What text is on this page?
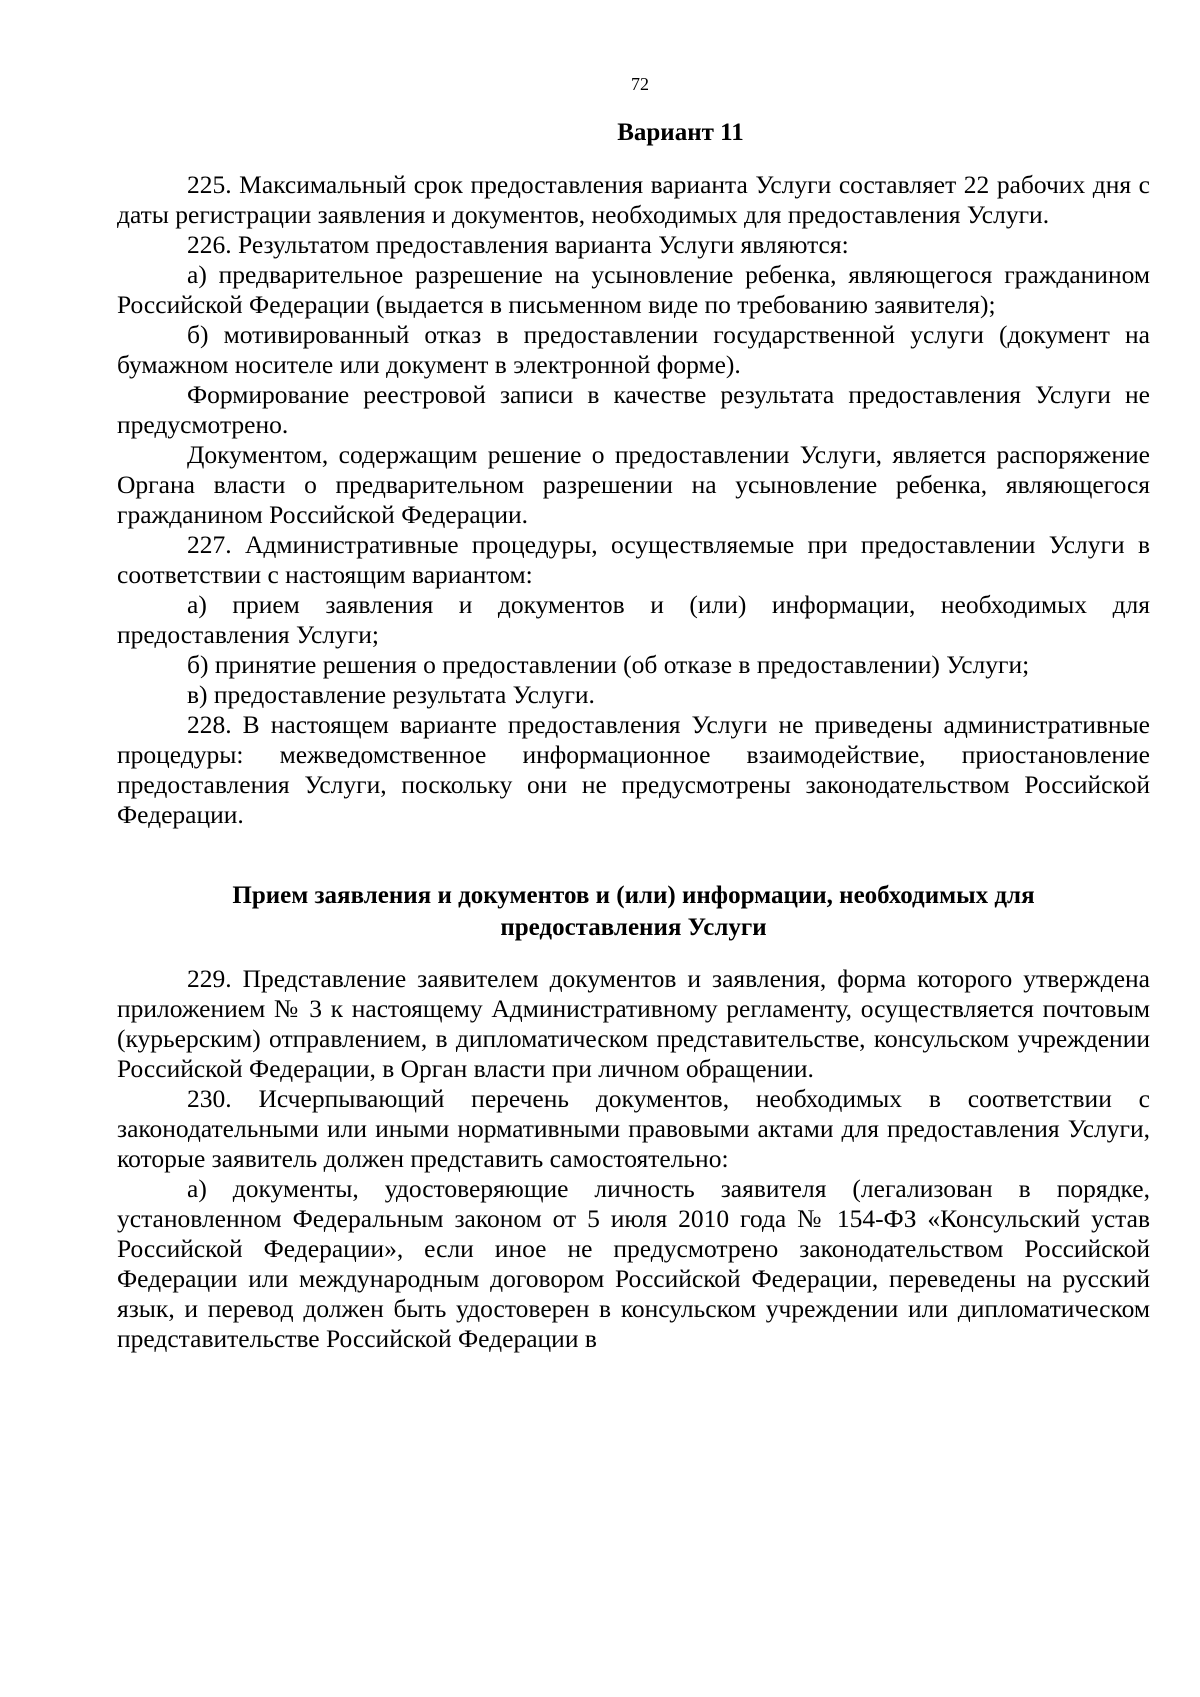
72
Вариант 11

225. Максимальный срок предоставления варианта Услуги составляет 22 рабочих дня с даты регистрации заявления и документов, необходимых для предоставления Услуги.

226. Результатом предоставления варианта Услуги являются:

а) предварительное разрешение на усыновление ребенка, являющегося гражданином Российской Федерации (выдается в письменном виде по требованию заявителя);

б) мотивированный отказ в предоставлении государственной услуги (документ на бумажном носителе или документ в электронной форме).

Формирование реестровой записи в качестве результата предоставления Услуги не предусмотрено.

Документом, содержащим решение о предоставлении Услуги, является распоряжение Органа власти о предварительном разрешении на усыновление ребенка, являющегося гражданином Российской Федерации.

227. Административные процедуры, осуществляемые при предоставлении Услуги в соответствии с настоящим вариантом:

а) прием заявления и документов и (или) информации, необходимых для предоставления Услуги;

б) принятие решения о предоставлении (об отказе в предоставлении) Услуги;

в) предоставление результата Услуги.

228. В настоящем варианте предоставления Услуги не приведены административные процедуры: межведомственное информационное взаимодействие, приостановление предоставления Услуги, поскольку они не предусмотрены законодательством Российской Федерации.

Прием заявления и документов и (или) информации, необходимых для
предоставления Услуги

229. Представление заявителем документов и заявления, форма которого утверждена приложением № 3 к настоящему Административному регламенту, осуществляется почтовым (курьерским) отправлением, в дипломатическом представительстве, консульском учреждении Российской Федерации, в Орган власти при личном обращении.

230. Исчерпывающий перечень документов, необходимых в соответствии с законодательными или иными нормативными правовыми актами для предоставления Услуги, которые заявитель должен представить самостоятельно:

а) документы, удостоверяющие личность заявителя (легализован в порядке, установленном Федеральным законом от 5 июля 2010 года № 154-ФЗ «Консульский устав Российской Федерации», если иное не предусмотрено законодательством Российской Федерации или международным договором Российской Федерации, переведены на русский язык, и перевод должен быть удостоверен в консульском учреждении или дипломатическом представительстве Российской Федерации в
